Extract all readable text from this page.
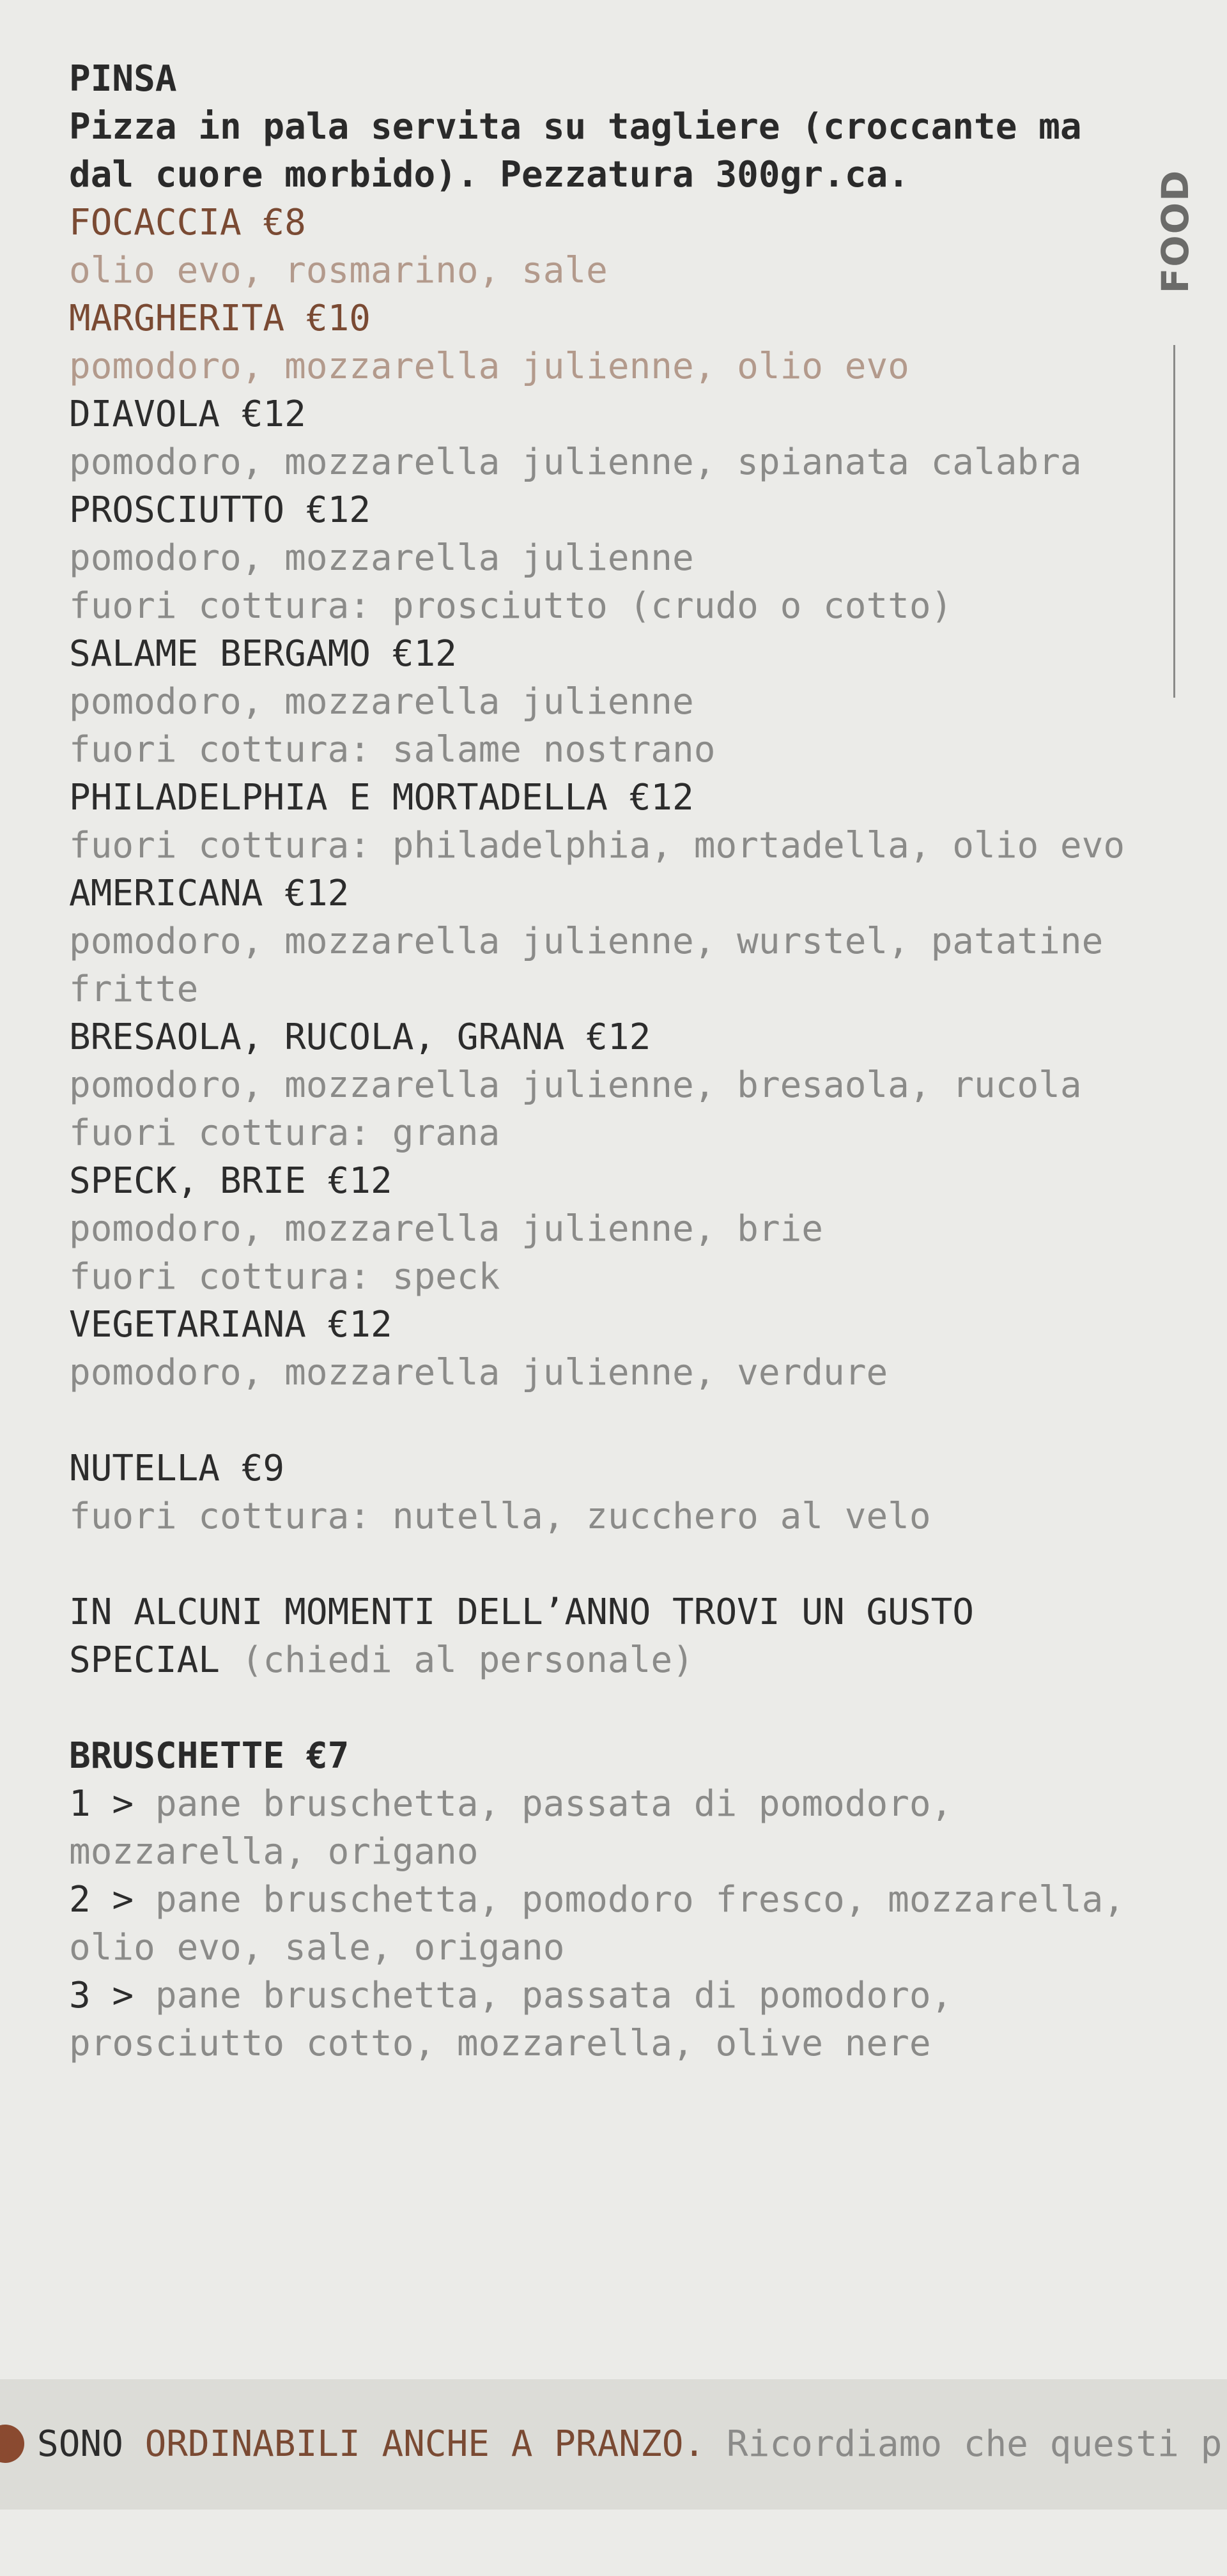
PINSA

Pizza in pala servita su tagliere (croccante ma dal cuore morbido). Pezzatura 300gr.ca.

FOCACCIA €8

olio evo, rosmarino, sale

MARGHERITA €10

pomodoro, mozzarella julienne, olio evo

DIAVOLA €12

pomodoro, mozzarella julienne, spianata calabra

PROSCIUTTO €12

pomodoro, mozzarella julienne

fuori cottura: prosciutto (crudo o cotto)

SALAME BERGAMO €12

pomodoro, mozzarella julienne

fuori cottura: salame nostrano

PHILADELPHIA E MORTADELLA €12

fuori cottura: philadelphia, mortadella, olio evo

AMERICANA €12

pomodoro, mozzarella julienne, wurstel, patatine

fritte

BRESAOLA, RUCOLA, GRANA €12

pomodoro, mozzarella julienne, bresaola, rucola

fuori cottura: grana

SPECK, BRIE €12

pomodoro, mozzarella julienne, brie

fuori cottura: speck

VEGETARIANA €12

pomodoro, mozzarella julienne, verdure

NUTELLA €9

fuori cottura: nutella, zucchero al velo

IN ALCUNI MOMENTI DELL’ANNO TROVI UN GUSTO

SPECIAL (chiedi al personale)

BRUSCHETTE €7

1 > pane bruschetta, passata di pomodoro,

mozzarella, origano

2 > pane bruschetta, pomodoro fresco, mozzarella,

olio evo, sale, origano

3 > pane bruschetta, passata di pomodoro,

prosciutto cotto, mozzarella, olive nere

FOOD
SONO ORDINABILI ANCHE A PRANZO. Ricordiamo che questi p
